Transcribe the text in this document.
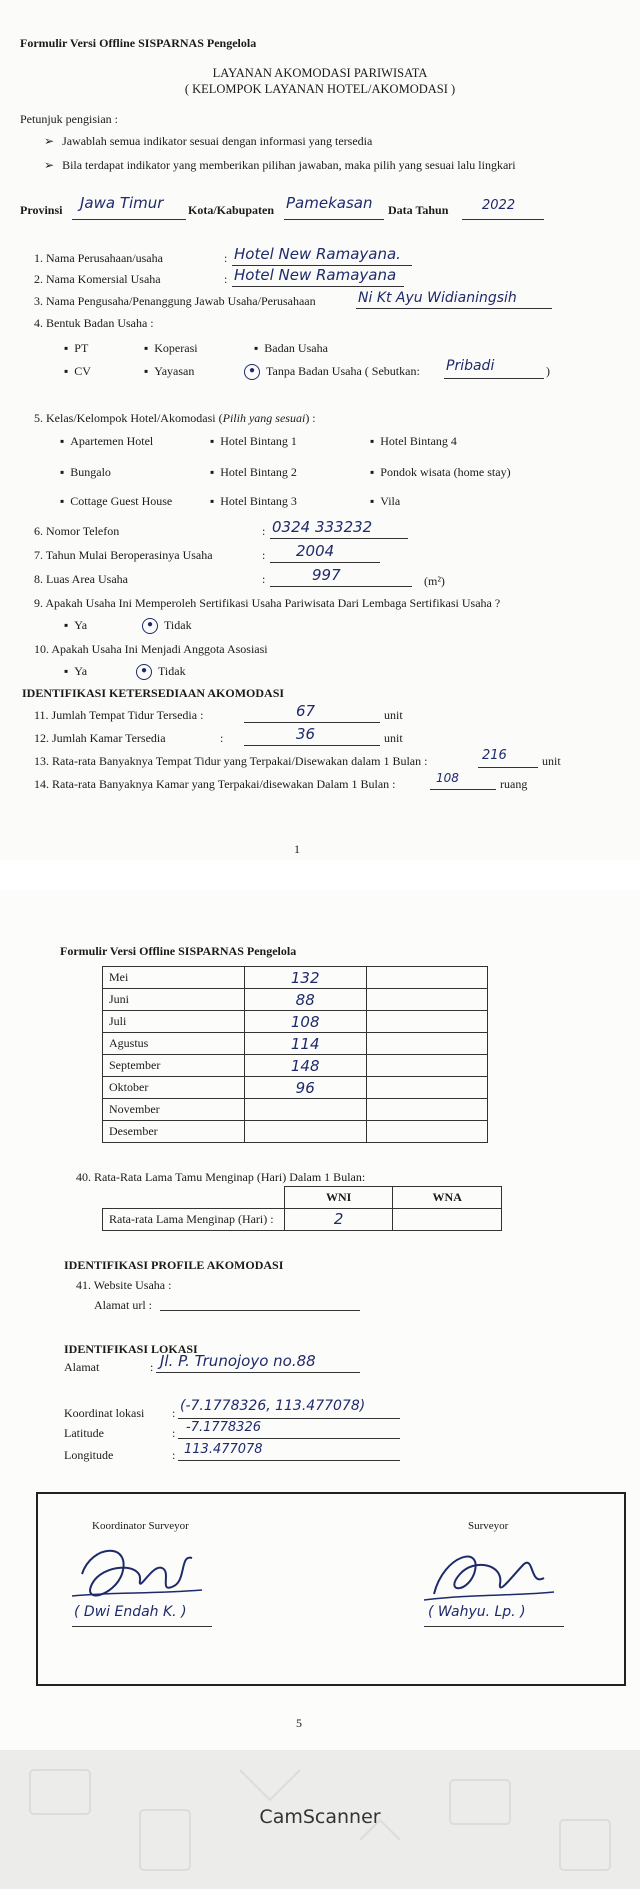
Formulir Versi Offline SISPARNAS Pengelola
LAYANAN AKOMODASI PARIWISATA
( KELOMPOK LAYANAN HOTEL/AKOMODASI )
Petunjuk pengisian :
➢ Jawablah semua indikator sesuai dengan informasi yang tersedia
➢ Bila terdapat indikator yang memberikan pilihan jawaban, maka pilih yang sesuai lalu lingkari
Provinsi Jawa Timur Kota/Kabupaten Pamekasan Data Tahun	2022
1. Nama Perusahaan/usaha	: Hotel New Ramayana.
2. Nama Komersial Usaha	: Hotel New Ramayana
3. Nama Pengusaha/Penanggung Jawab Usaha/Perusahaan	Ni Kt Ayu Widianingsih
4. Bentuk Badan Usaha :
▪ PT	▪ Koperasi	▪ Badan Usaha
▪ CV	▪ Yayasan	● Tanpa Badan Usaha ( Sebutkan: Pribadi	)
5. Kelas/Kelompok Hotel/Akomodasi (Pilih yang sesuai) :
▪ Apartemen Hotel	▪ Hotel Bintang 1	▪ Hotel Bintang 4
▪ Bungalo	▪ Hotel Bintang 2	▪ Pondok wisata (home stay)
▪ Cottage Guest House	▪ Hotel Bintang 3	▪ Vila
6. Nomor Telefon	: 0324 333232
7. Tahun Mulai Beroperasinya Usaha	: 2004
8. Luas Area Usaha	:	997	(m²)
9. Apakah Usaha Ini Memperoleh Sertifikasi Usaha Pariwisata Dari Lembaga Sertifikasi Usaha ?
▪ Ya	● Tidak
10. Apakah Usaha Ini Menjadi Anggota Asosiasi
▪ Ya	● Tidak
IDENTIFIKASI KETERSEDIAAN AKOMODASI
11. Jumlah Tempat Tidur Tersedia :	67	unit
12. Jumlah Kamar Tersedia	:	36	unit
13. Rata-rata Banyaknya Tempat Tidur yang Terpakai/Disewakan dalam 1 Bulan :	216	unit
14. Rata-rata Banyaknya Kamar yang Terpakai/disewakan Dalam 1 Bulan :	108	ruang
1
Formulir Versi Offline SISPARNAS Pengelola
Mei	132	
Juni	88	
Juli	108	
Agustus	114	
September	148	
Oktober	96	
November		
Desember		
40. Rata-Rata Lama Tamu Menginap (Hari) Dalam 1 Bulan:
	WNI	WNA
Rata-rata Lama Menginap (Hari) :	2	
IDENTIFIKASI PROFILE AKOMODASI
41. Website Usaha :
Alamat url :
IDENTIFIKASI LOKASI
Alamat	: Jl. P. Trunojoyo no.88
Koordinat lokasi : (-7.1778326, 113.477078)
Latitude	: -7.1778326
Longitude	: 113.477078
5
Koordinator Surveyor
( Dwi Endah K. )
Surveyor
( Wahyu. Lp. )
CamScanner
